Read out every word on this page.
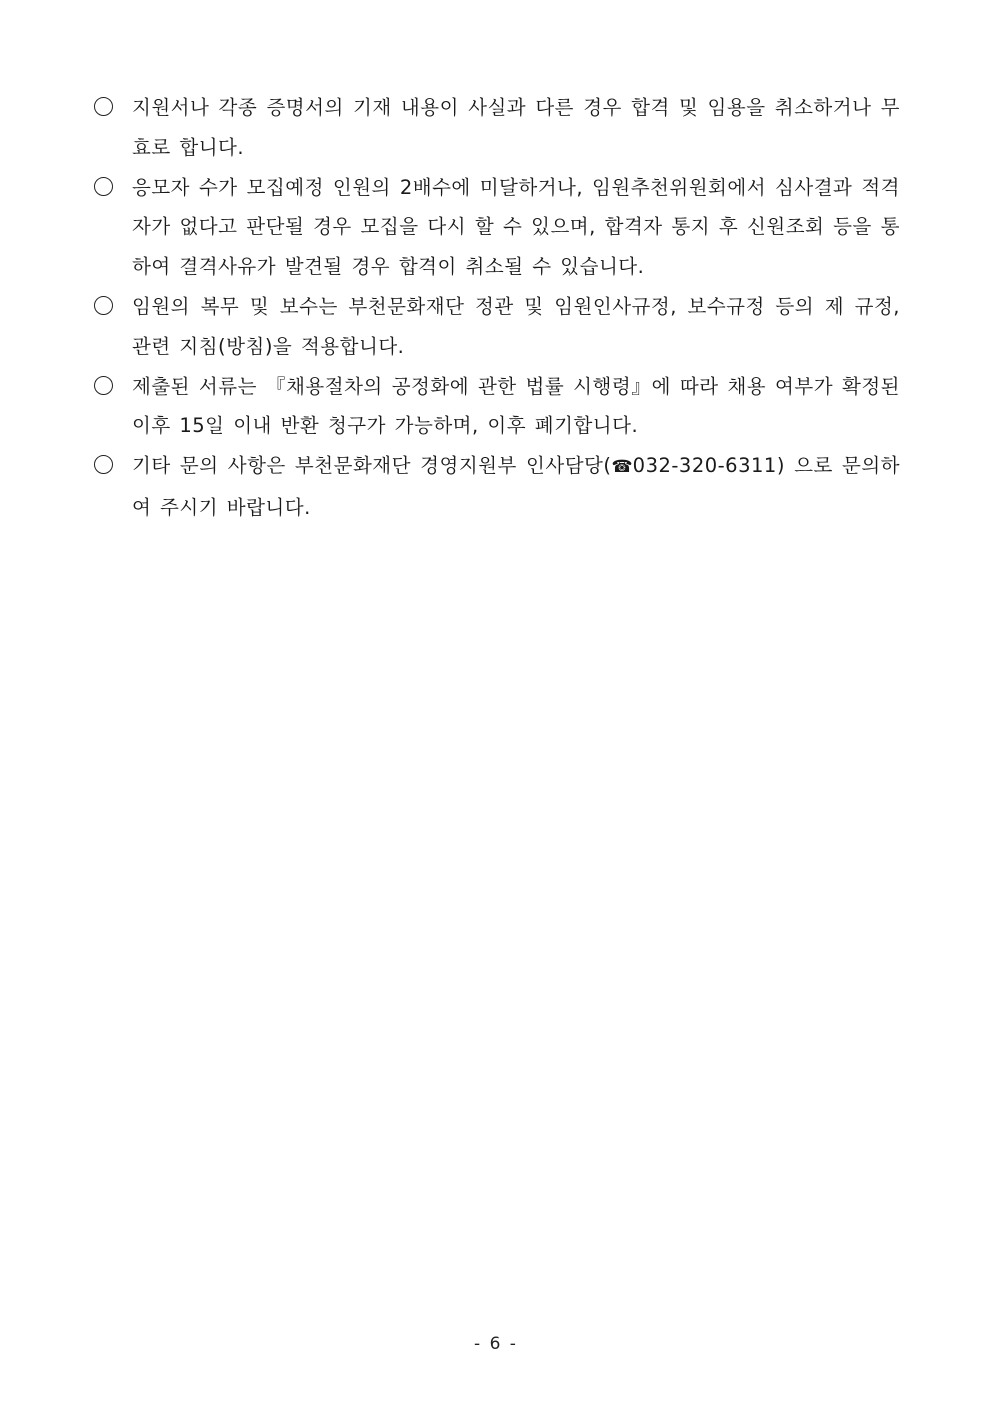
지원서나 각종 증명서의 기재 내용이 사실과 다른 경우 합격 및 임용을 취소하거나 무효로 합니다.
응모자 수가 모집예정 인원의 2배수에 미달하거나, 임원추천위원회에서 심사결과 적격자가 없다고 판단될 경우 모집을 다시 할 수 있으며, 합격자 통지 후 신원조회 등을 통하여 결격사유가 발견될 경우 합격이 취소될 수 있습니다.
임원의 복무 및 보수는 부천문화재단 정관 및 임원인사규정, 보수규정 등의 제 규정, 관련 지침(방침)을 적용합니다.
제출된 서류는 『채용절차의 공정화에 관한 법률 시행령』에 따라 채용 여부가 확정된 이후 15일 이내 반환 청구가 가능하며, 이후 폐기합니다.
기타 문의 사항은 부천문화재단 경영지원부 인사담당(☎032-320-6311) 으로 문의하여 주시기 바랍니다.
- 6 -
